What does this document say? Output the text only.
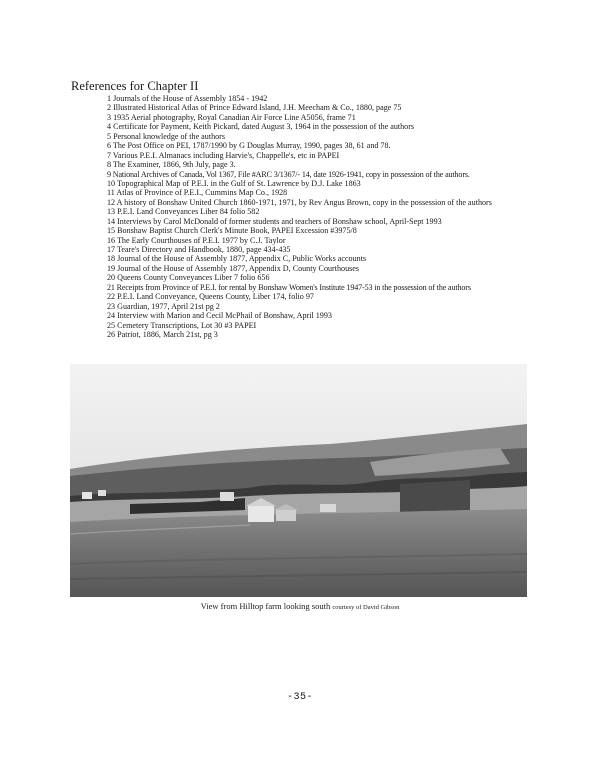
References for Chapter II
1 Journals of the House of Assembly 1854 - 1942
2 Illustrated Historical Atlas of Prince Edward Island, J.H. Meecham & Co., 1880, page 75
3 1935 Aerial photography, Royal Canadian Air Force Line A5056, frame 71
4 Certificate for Payment, Keith Pickard, dated August 3, 1964 in the possession of the authors
5 Personal knowledge of the authors
6 The Post Office on PEI, 1787/1990 by G Douglas Murray, 1990, pages 38, 61 and 78.
7 Various P.E.I. Almanacs including Harvie's, Chappelle's, etc in PAPEI
8 The Examiner, 1866, 9th July, page 3.
9 National Archives of Canada, Vol 1367, File #ARC 3/1367/- 14, date 1926-1941, copy in possession of the authors.
10 Topographical Map of P.E.I. in the Gulf of St. Lawrence by D.J. Lake 1863
11 Atlas of Province of P.E.I., Cummins Map Co., 1928
12 A history of Bonshaw United Church 1860-1971, 1971, by Rev Angus Brown, copy in the possession of the authors
13 P.E.I. Land Conveyances Liber 84 folio 582
14 Interviews by Carol McDonald of former students and teachers of Bonshaw school, April-Sept 1993
15 Bonshaw Baptist Church Clerk's Minute Book, PAPEI Excession #3975/8
16 The Early Courthouses of P.E.I. 1977 by C.J. Taylor
17 Teare's Directory and Handbook, 1880, page 434-435
18 Journal of the House of Assembly 1877, Appendix C, Public Works accounts
19 Journal of the House of Assembly 1877, Appendix D, County Courthouses
20 Queens County Conveyances Liber 7 folio 656
21 Receipts from Province of P.E.I. for rental by Bonshaw Women's Institute 1947-53 in the possession of the authors
22 P.E.I. Land Conveyance, Queens County, Liber 174, folio 97
23 Guardian, 1977, April 21st pg 2
24 Interview with Marion and Cecil McPhail of Bonshaw, April 1993
25 Cemetery Transcriptions, Lot 30 #3 PAPEI
26 Patriot, 1886, March 21st, pg 3
View from Hilltop farm looking south courtesy of David Gibson
-35-
